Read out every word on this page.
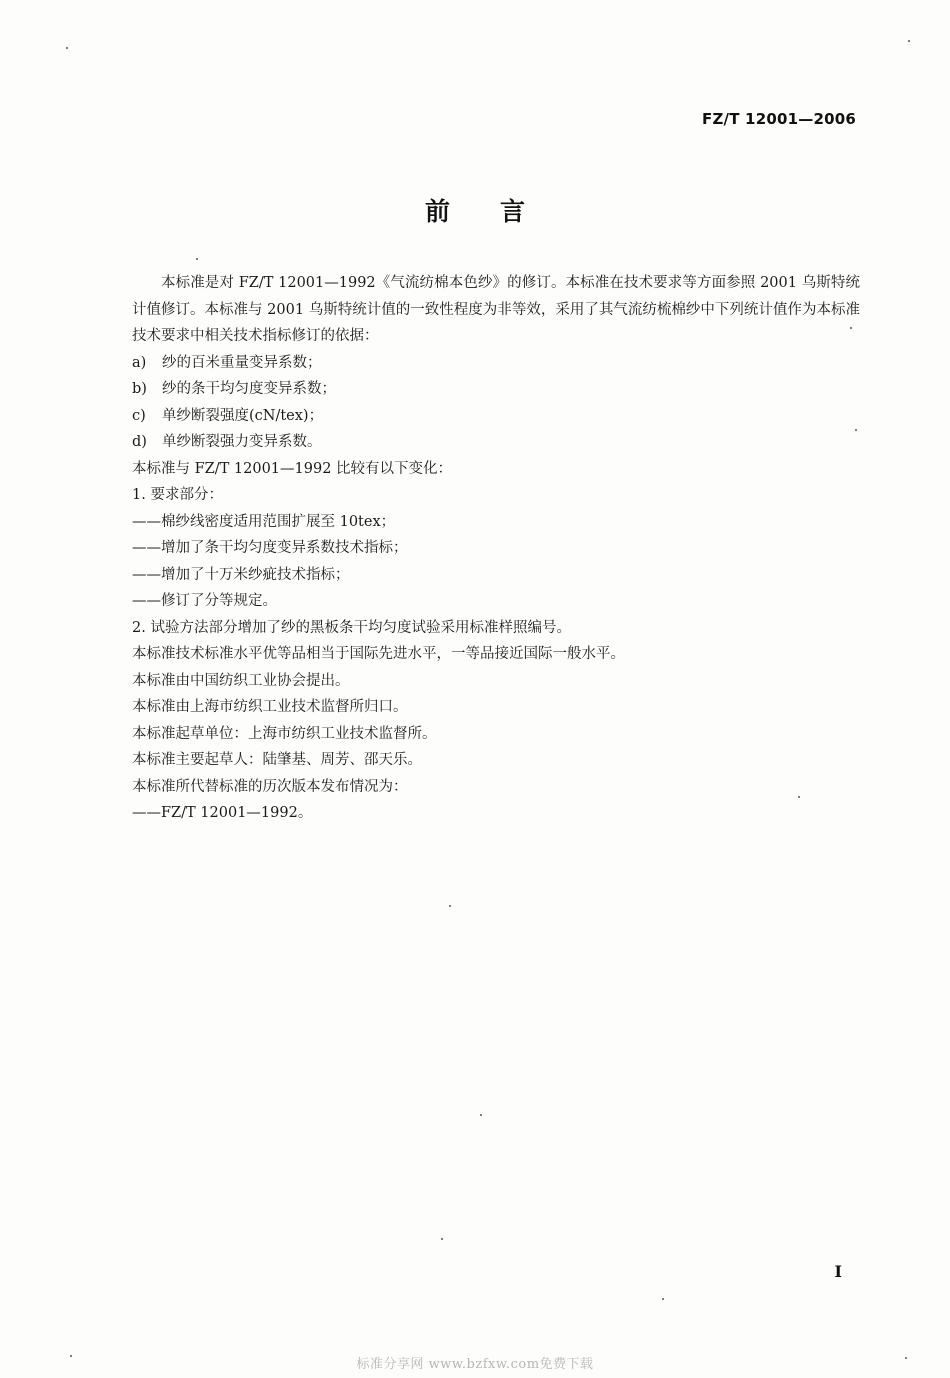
FZ/T 12001—2006
前言

本标准是对 FZ/T 12001—1992《气流纺棉本色纱》的修订。本标准在技术要求等方面参照 2001 乌斯特统计值修订。本标准与 2001 乌斯特统计值的一致性程度为非等效，采用了其气流纺梳棉纱中下列统计值作为本标准技术要求中相关技术指标修订的依据：

a) 纱的百米重量变异系数；

b) 纱的条干均匀度变异系数；

c) 单纱断裂强度(cN/tex)；

d) 单纱断裂强力变异系数。

本标准与 FZ/T 12001—1992 比较有以下变化：

1. 要求部分：

——棉纱线密度适用范围扩展至 10tex；

——增加了条干均匀度变异系数技术指标；

——增加了十万米纱疵技术指标；

——修订了分等规定。

2. 试验方法部分增加了纱的黑板条干均匀度试验采用标准样照编号。

本标准技术标准水平优等品相当于国际先进水平，一等品接近国际一般水平。

本标准由中国纺织工业协会提出。

本标准由上海市纺织工业技术监督所归口。

本标准起草单位：上海市纺织工业技术监督所。

本标准主要起草人：陆肇基、周芳、邵天乐。

本标准所代替标准的历次版本发布情况为：

——FZ/T 12001—1992。

I
标准分享网 www.bzfxw.com免费下载
